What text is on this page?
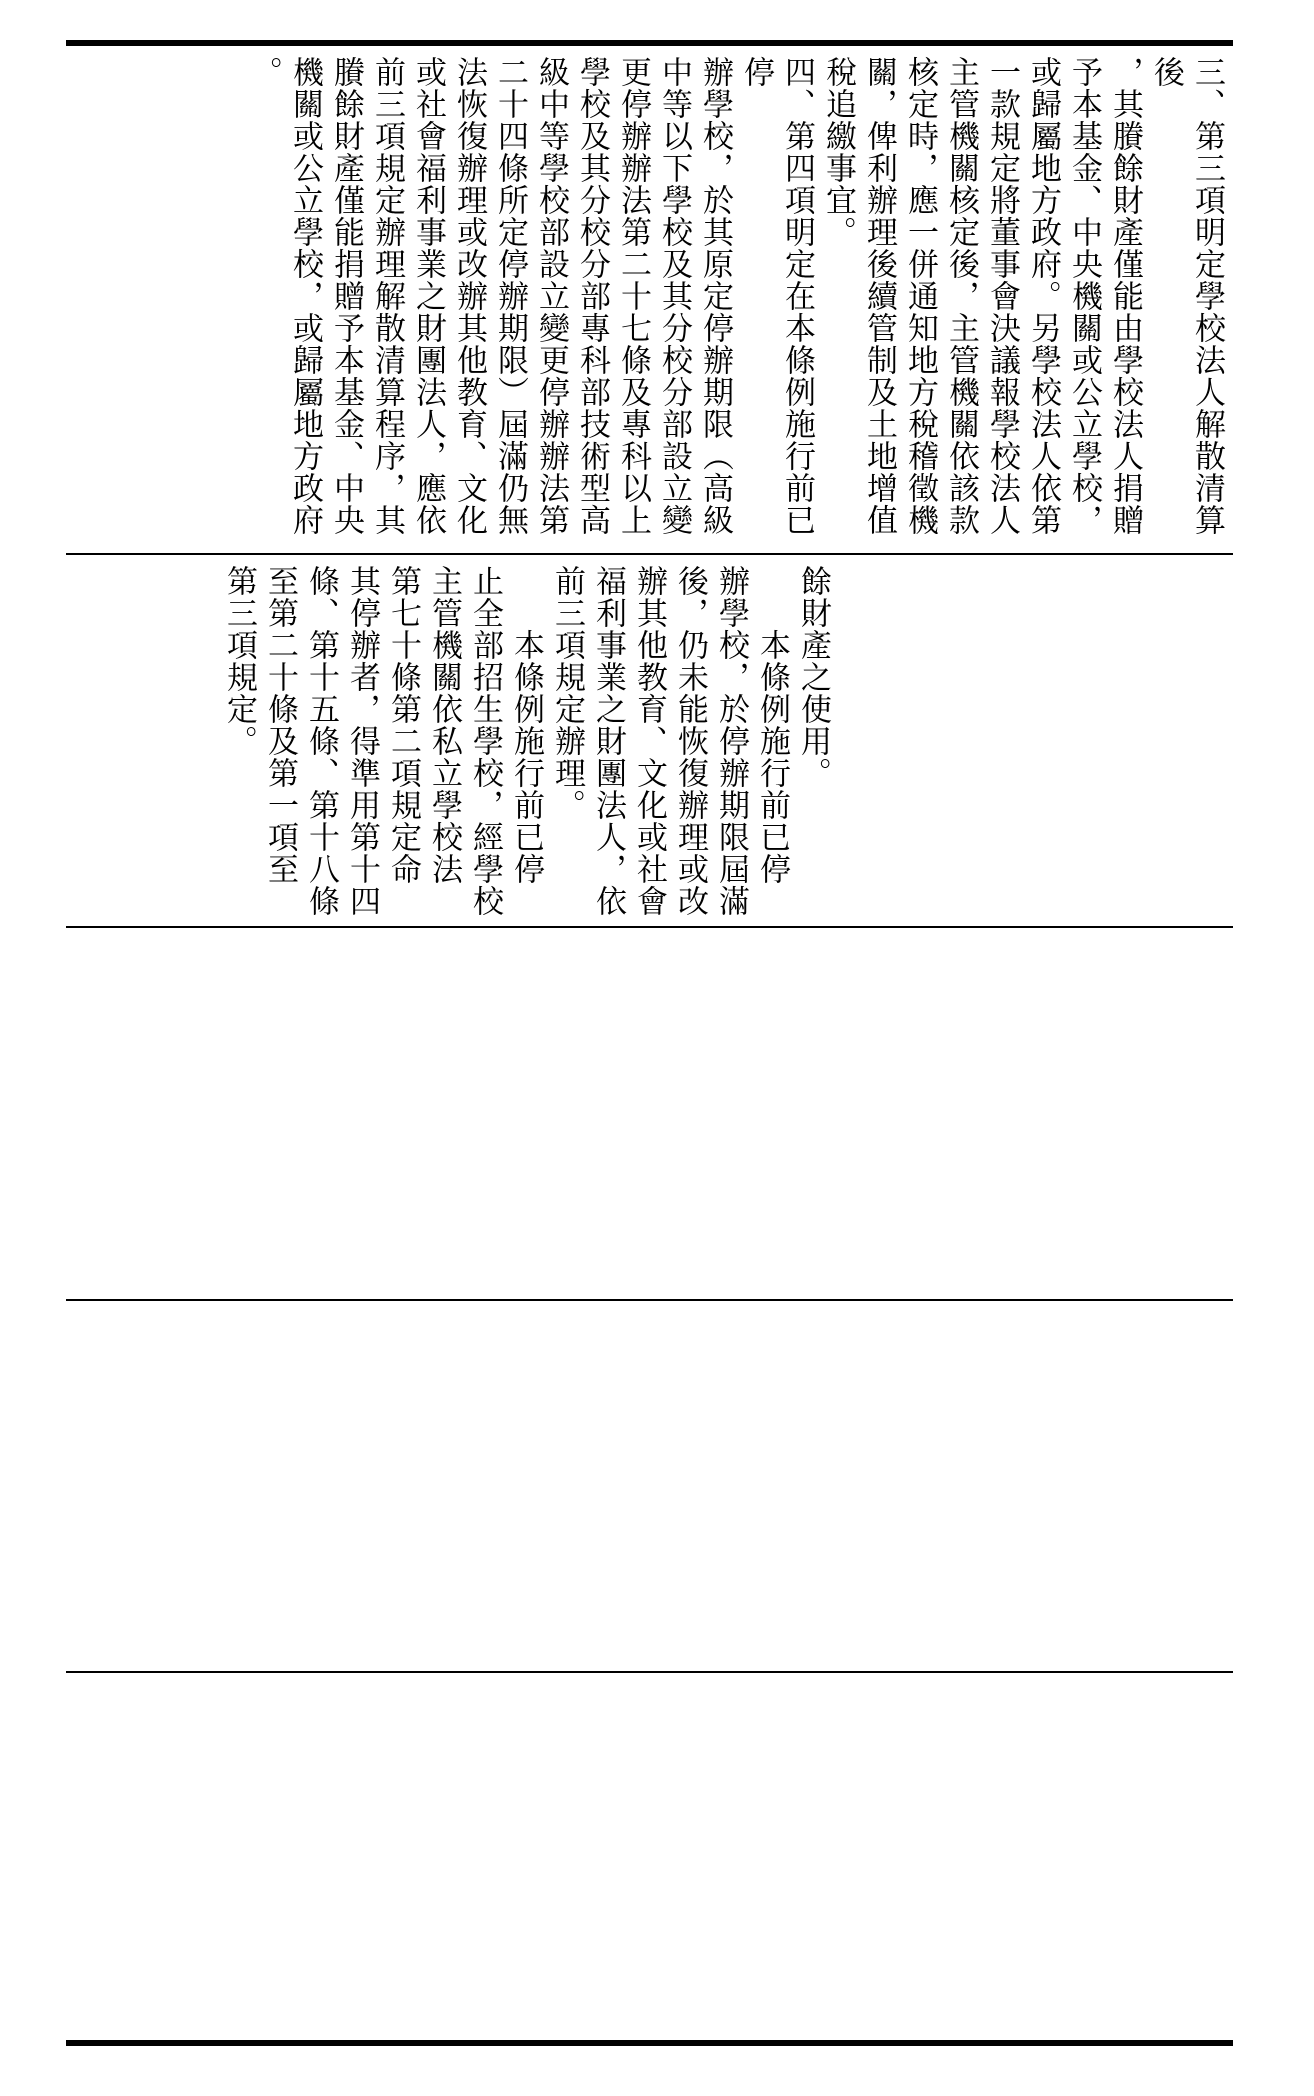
三、第三項明定學校法人解散清算後

，其賸餘財產僅能由學校法人捐贈

予本基金、中央機關或公立學校，

或歸屬地方政府。另學校法人依第

一款規定將董事會決議報學校法人

主管機關核定後，主管機關依該款

核定時，應一併通知地方稅稽徵機

關，俾利辦理後續管制及土地增值

稅追繳事宜。

四、第四項明定在本條例施行前已停

辦學校，於其原定停辦期限（高級

中等以下學校及其分校分部設立變

更停辦辦法第二十七條及專科以上

學校及其分校分部專科部技術型高

級中等學校部設立變更停辦辦法第

二十四條所定停辦期限）屆滿仍無

法恢復辦理或改辦其他教育、文化

或社會福利事業之財團法人，應依

前三項規定辦理解散清算程序，其

賸餘財產僅能捐贈予本基金、中央

機關或公立學校，或歸屬地方政府

。

餘財產之使用。

　　本條例施行前已停

辦學校，於停辦期限屆滿

後，仍未能恢復辦理或改

辦其他教育、文化或社會

福利事業之財團法人，依

前三項規定辦理。

　　本條例施行前已停

止全部招生學校，經學校

主管機關依私立學校法

第七十條第二項規定命

其停辦者，得準用第十四

條、第十五條、第十八條

至第二十條及第一項至

第三項規定。
